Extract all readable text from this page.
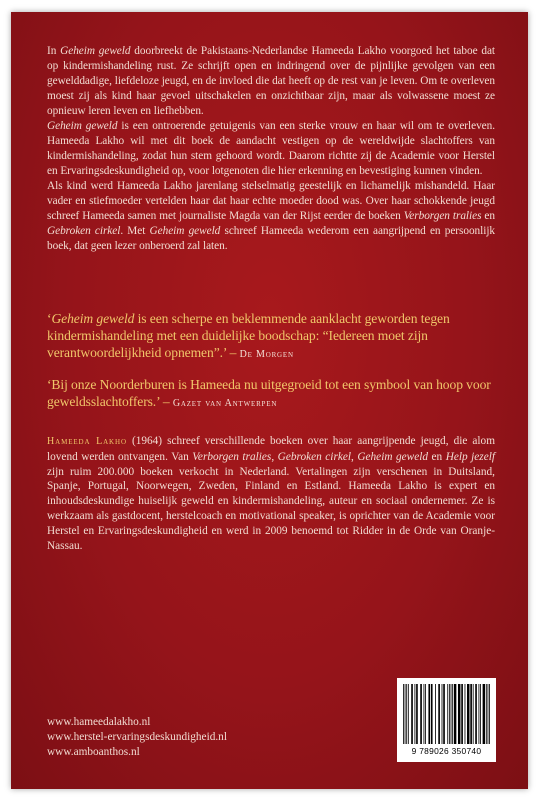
In Geheim geweld doorbreekt de Pakistaans-Nederlandse Hameeda Lakho voorgoed het taboe dat op kindermishandeling rust. Ze schrijft open en indringend over de pijnlijke gevolgen van een gewelddadige, liefdeloze jeugd, en de invloed die dat heeft op de rest van je leven. Om te overleven moest zij als kind haar gevoel uitschakelen en onzichtbaar zijn, maar als volwassene moest ze opnieuw leren leven en liefhebben.

Geheim geweld is een ontroerende getuigenis van een sterke vrouw en haar wil om te overleven. Hameeda Lakho wil met dit boek de aandacht vestigen op de wereldwijde slachtoffers van kindermishandeling, zodat hun stem gehoord wordt. Daarom richtte zij de Academie voor Herstel en Ervaringsdeskundigheid op, voor lotgenoten die hier erkenning en bevestiging kunnen vinden.

Als kind werd Hameeda Lakho jarenlang stelselmatig geestelijk en lichamelijk mishandeld. Haar vader en stiefmoeder vertelden haar dat haar echte moeder dood was. Over haar schokkende jeugd schreef Hameeda samen met journaliste Magda van der Rijst eerder de boeken Verborgen tralies en Gebroken cirkel. Met Geheim geweld schreef Hameeda wederom een aangrijpend en persoonlijk boek, dat geen lezer onberoerd zal laten.

‘Geheim geweld is een scherpe en beklemmende aanklacht geworden tegen kindermishandeling met een duidelijke boodschap: “Iedereen moet zijn verantwoordelijkheid opnemen”.’ – De Morgen

‘Bij onze Noorderburen is Hameeda nu uitgegroeid tot een symbool van hoop voor geweldsslachtoffers.’ – Gazet van Antwerpen

Hameeda Lakho (1964) schreef verschillende boeken over haar aangrijpende jeugd, die alom lovend werden ontvangen. Van Verborgen tralies, Gebroken cirkel, Geheim geweld en Help jezelf zijn ruim 200.000 boeken verkocht in Nederland. Vertalingen zijn verschenen in Duitsland, Spanje, Portugal, Noorwegen, Zweden, Finland en Estland. Hameeda Lakho is expert en inhoudsdeskundige huiselijk geweld en kindermishandeling, auteur en sociaal ondernemer. Ze is werkzaam als gastdocent, herstelcoach en motivational speaker, is oprichter van de Academie voor Herstel en Ervaringsdeskundigheid en werd in 2009 benoemd tot Ridder in de Orde van Oranje-Nassau.

www.hameedalakho.nl
www.herstel-ervaringsdeskundigheid.nl
www.amboanthos.nl	9 789026 350740
